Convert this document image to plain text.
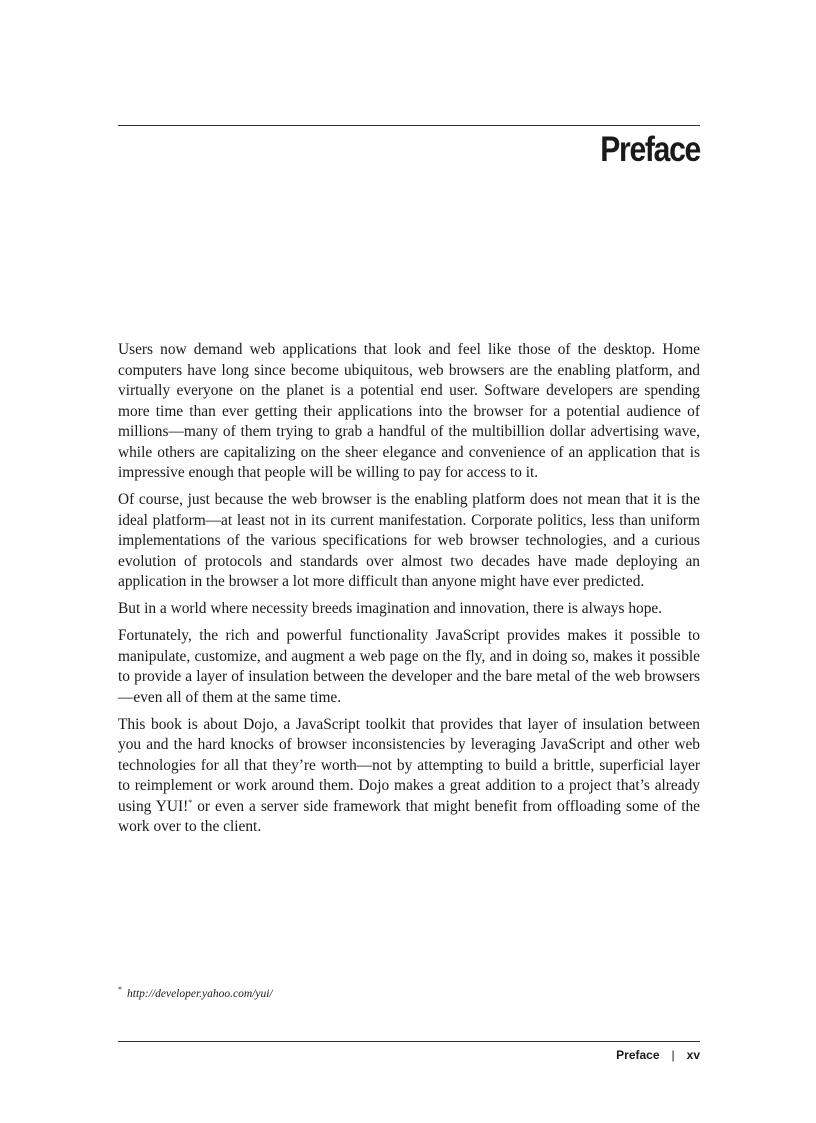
Preface

Users now demand web applications that look and feel like those of the desktop. Home computers have long since become ubiquitous, web browsers are the enabling platform, and virtually everyone on the planet is a potential end user. Software developers are spending more time than ever getting their applications into the browser for a potential audience of millions—many of them trying to grab a handful of the multibillion dollar advertising wave, while others are capitalizing on the sheer elegance and convenience of an application that is impressive enough that people will be willing to pay for access to it.

Of course, just because the web browser is the enabling platform does not mean that it is the ideal platform—at least not in its current manifestation. Corporate politics, less than uniform implementations of the various specifications for web browser technologies, and a curious evolution of protocols and standards over almost two decades have made deploying an application in the browser a lot more difficult than anyone might have ever predicted.

But in a world where necessity breeds imagination and innovation, there is always hope.

Fortunately, the rich and powerful functionality JavaScript provides makes it possible to manipulate, customize, and augment a web page on the fly, and in doing so, makes it possible to provide a layer of insulation between the developer and the bare metal of the web browsers—even all of them at the same time.

This book is about Dojo, a JavaScript toolkit that provides that layer of insulation between you and the hard knocks of browser inconsistencies by leveraging JavaScript and other web technologies for all that they’re worth—not by attempting to build a brittle, superficial layer to reimplement or work around them. Dojo makes a great addition to a project that’s already using YUI!* or even a server side framework that might benefit from offloading some of the work over to the client.

* http://developer.yahoo.com/yui/
Preface | xv
